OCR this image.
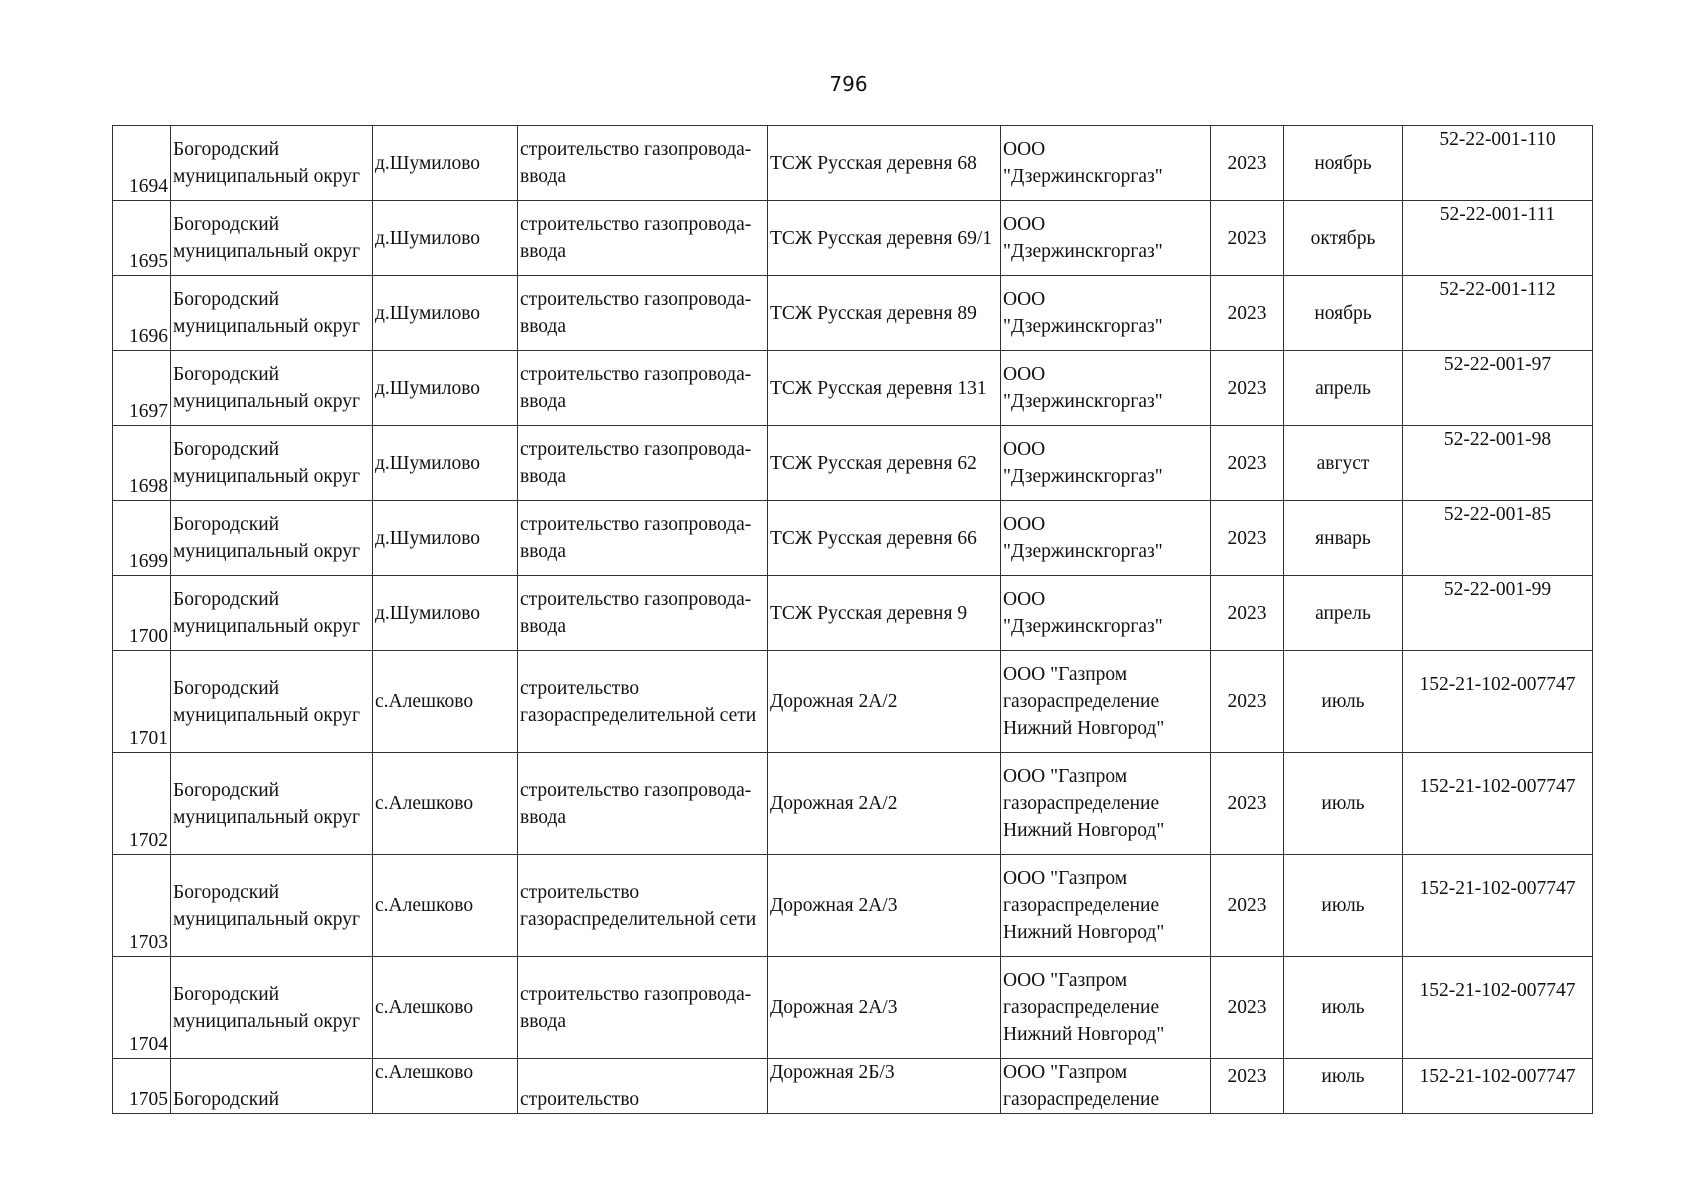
796
1694	Богородский муниципальный округ	д.Шумилово	строительство газопровода-ввода	ТСЖ Русская деревня 68	ООО "Дзержинскгоргаз"	2023	ноябрь	52-22-001-110
1695	Богородский муниципальный округ	д.Шумилово	строительство газопровода-ввода	ТСЖ Русская деревня 69/1	ООО "Дзержинскгоргаз"	2023	октябрь	52-22-001-111
1696	Богородский муниципальный округ	д.Шумилово	строительство газопровода-ввода	ТСЖ Русская деревня 89	ООО "Дзержинскгоргаз"	2023	ноябрь	52-22-001-112
1697	Богородский муниципальный округ	д.Шумилово	строительство газопровода-ввода	ТСЖ Русская деревня 131	ООО "Дзержинскгоргаз"	2023	апрель	52-22-001-97
1698	Богородский муниципальный округ	д.Шумилово	строительство газопровода-ввода	ТСЖ Русская деревня 62	ООО "Дзержинскгоргаз"	2023	август	52-22-001-98
1699	Богородский муниципальный округ	д.Шумилово	строительство газопровода-ввода	ТСЖ Русская деревня 66	ООО "Дзержинскгоргаз"	2023	январь	52-22-001-85
1700	Богородский муниципальный округ	д.Шумилово	строительство газопровода-ввода	ТСЖ Русская деревня 9	ООО "Дзержинскгоргаз"	2023	апрель	52-22-001-99
1701	Богородский муниципальный округ	с.Алешково	строительство газораспределительной сети	Дорожная 2А/2	ООО "Газпром газораспределение Нижний Новгород"	2023	июль	152-21-102-007747
1702	Богородский муниципальный округ	с.Алешково	строительство газопровода-ввода	Дорожная 2А/2	ООО "Газпром газораспределение Нижний Новгород"	2023	июль	152-21-102-007747
1703	Богородский муниципальный округ	с.Алешково	строительство газораспределительной сети	Дорожная 2А/3	ООО "Газпром газораспределение Нижний Новгород"	2023	июль	152-21-102-007747
1704	Богородский муниципальный округ	с.Алешково	строительство газопровода-ввода	Дорожная 2А/3	ООО "Газпром газораспределение Нижний Новгород"	2023	июль	152-21-102-007747
1705	Богородский	с.Алешково	строительство	Дорожная 2Б/3	ООО "Газпром газораспределение	2023	июль	152-21-102-007747
